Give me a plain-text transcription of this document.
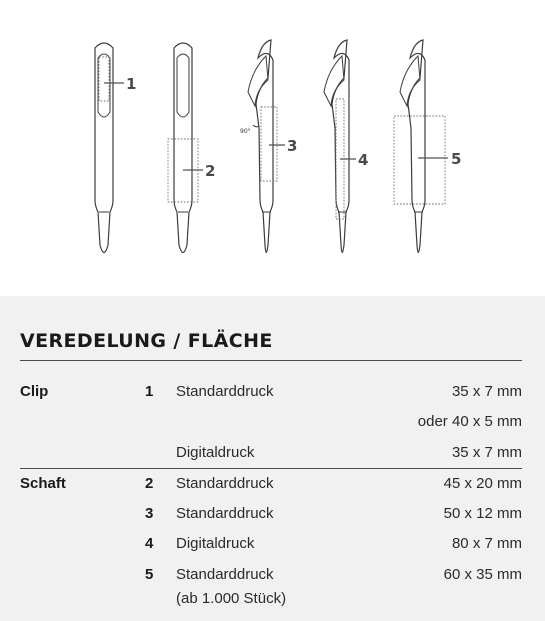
1
2
90°
3
4	5
VEREDELUNG / FLÄCHE
Clip	1 Standarddruck	35 x 7 mm
oder 40 x 5 mm
Digitaldruck	35 x 7 mm
Schaft	2 Standarddruck	45 x 20 mm
3 Standarddruck	50 x 12 mm
4 Digitaldruck	80 x 7 mm
5 Standarddruck	60 x 35 mm
(ab 1.000 Stück)
